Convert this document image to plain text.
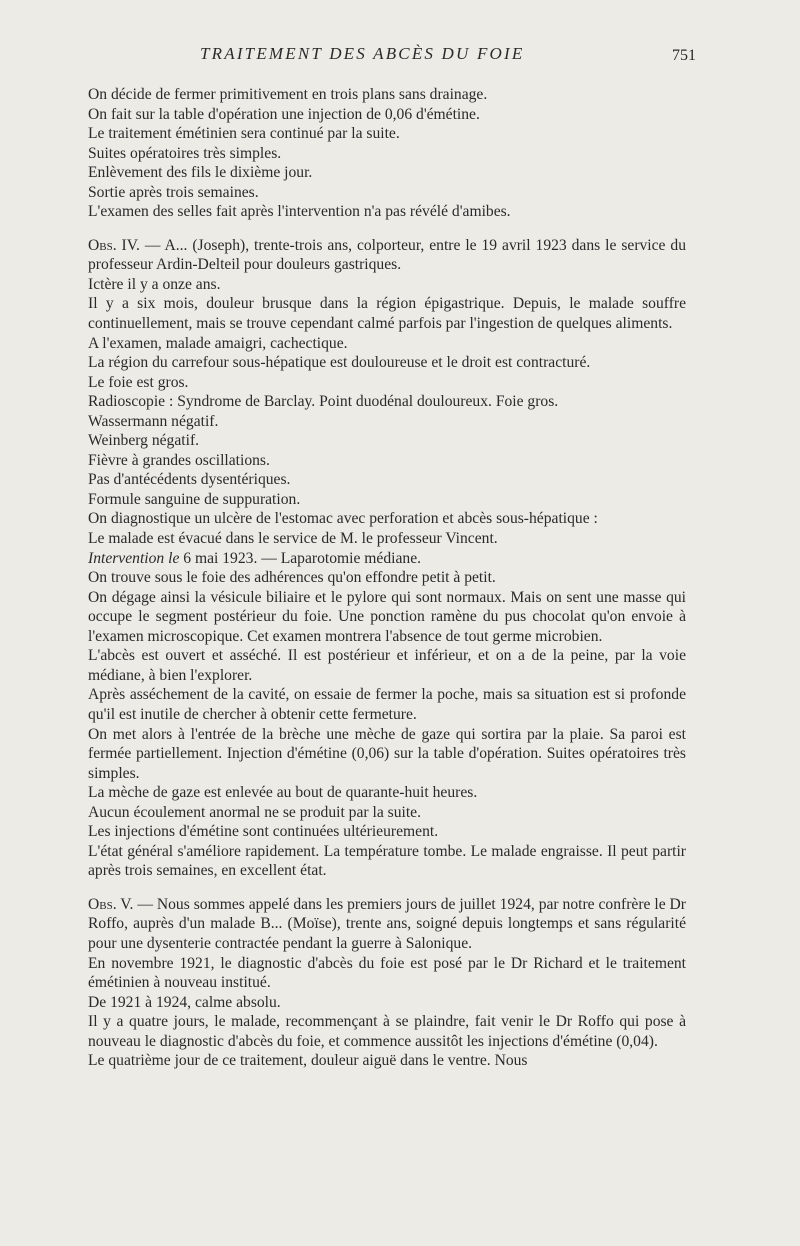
TRAITEMENT DES ABCÈS DU FOIE	751

On décide de fermer primitivement en trois plans sans drainage.

On fait sur la table d'opération une injection de 0,06 d'émétine.

Le traitement émétinien sera continué par la suite.

Suites opératoires très simples.

Enlèvement des fils le dixième jour.

Sortie après trois semaines.

L'examen des selles fait après l'intervention n'a pas révélé d'amibes.

Obs. IV. — A... (Joseph), trente-trois ans, colporteur, entre le 19 avril 1923 dans le service du professeur Ardin-Delteil pour douleurs gastriques.

Ictère il y a onze ans.

Il y a six mois, douleur brusque dans la région épigastrique. Depuis, le malade souffre continuellement, mais se trouve cependant calmé parfois par l'ingestion de quelques aliments.

A l'examen, malade amaigri, cachectique.

La région du carrefour sous-hépatique est douloureuse et le droit est contracturé.

Le foie est gros.

Radioscopie : Syndrome de Barclay. Point duodénal douloureux. Foie gros.

Wassermann négatif.

Weinberg négatif.

Fièvre à grandes oscillations.

Pas d'antécédents dysentériques.

Formule sanguine de suppuration.

On diagnostique un ulcère de l'estomac avec perforation et abcès sous-hépatique :

Le malade est évacué dans le service de M. le professeur Vincent.

Intervention le 6 mai 1923. — Laparotomie médiane.

On trouve sous le foie des adhérences qu'on effondre petit à petit.

On dégage ainsi la vésicule biliaire et le pylore qui sont normaux. Mais on sent une masse qui occupe le segment postérieur du foie. Une ponction ramène du pus chocolat qu'on envoie à l'examen microscopique. Cet examen montrera l'absence de tout germe microbien.

L'abcès est ouvert et asséché. Il est postérieur et inférieur, et on a de la peine, par la voie médiane, à bien l'explorer.

Après asséchement de la cavité, on essaie de fermer la poche, mais sa situation est si profonde qu'il est inutile de chercher à obtenir cette fermeture.

On met alors à l'entrée de la brèche une mèche de gaze qui sortira par la plaie. Sa paroi est fermée partiellement. Injection d'émétine (0,06) sur la table d'opération. Suites opératoires très simples.

La mèche de gaze est enlevée au bout de quarante-huit heures.

Aucun écoulement anormal ne se produit par la suite.

Les injections d'émétine sont continuées ultérieurement.

L'état général s'améliore rapidement. La température tombe. Le malade engraisse. Il peut partir après trois semaines, en excellent état.

Obs. V. — Nous sommes appelé dans les premiers jours de juillet 1924, par notre confrère le Dr Roffo, auprès d'un malade B... (Moïse), trente ans, soigné depuis longtemps et sans régularité pour une dysenterie contractée pendant la guerre à Salonique.

En novembre 1921, le diagnostic d'abcès du foie est posé par le Dr Richard et le traitement émétinien à nouveau institué.

De 1921 à 1924, calme absolu.

Il y a quatre jours, le malade, recommençant à se plaindre, fait venir le Dr Roffo qui pose à nouveau le diagnostic d'abcès du foie, et commence aussitôt les injections d'émétine (0,04).

Le quatrième jour de ce traitement, douleur aiguë dans le ventre. Nous
